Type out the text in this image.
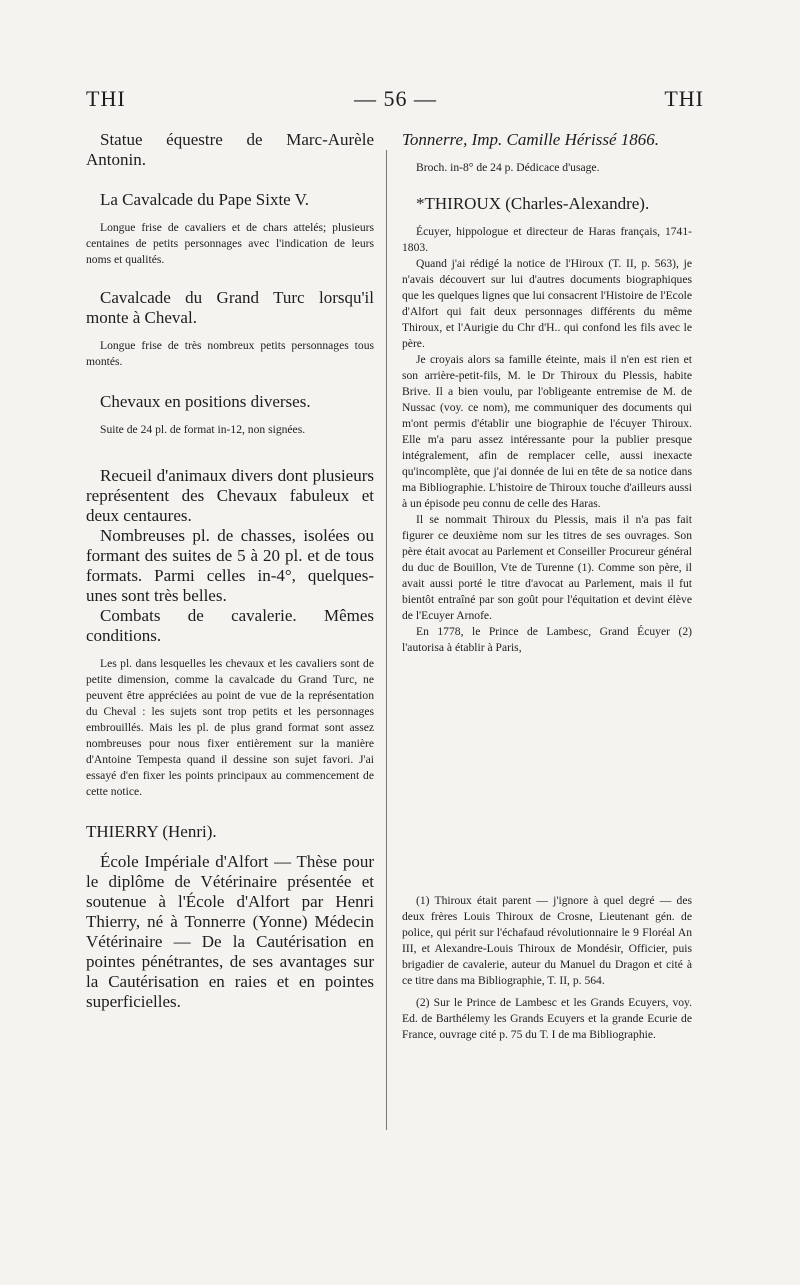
THI	— 56 —	THI

Statue équestre de Marc-Aurèle Antonin.

La Cavalcade du Pape Sixte V.

Longue frise de cavaliers et de chars attelés; plusieurs centaines de petits personnages avec l'indication de leurs noms et qualités.

Cavalcade du Grand Turc lorsqu'il monte à Cheval.

Longue frise de très nombreux petits personnages tous montés.

Chevaux en positions diverses.

Suite de 24 pl. de format in-12, non signées.

Recueil d'animaux divers dont plusieurs représentent des Chevaux fabuleux et deux centaures.

Nombreuses pl. de chasses, isolées ou formant des suites de 5 à 20 pl. et de tous formats. Parmi celles in-4°, quelques-unes sont très belles.

Combats de cavalerie. Mêmes conditions.

Les pl. dans lesquelles les chevaux et les cavaliers sont de petite dimension, comme la cavalcade du Grand Turc, ne peuvent être appréciées au point de vue de la représentation du Cheval : les sujets sont trop petits et les personnages embrouillés. Mais les pl. de plus grand format sont assez nombreuses pour nous fixer entièrement sur la manière d'Antoine Tempesta quand il dessine son sujet favori. J'ai essayé d'en fixer les points principaux au commencement de cette notice.

THIERRY (Henri).

École Impériale d'Alfort — Thèse pour le diplôme de Vétérinaire présentée et soutenue à l'École d'Alfort par Henri Thierry, né à Tonnerre (Yonne) Médecin Vétérinaire — De la Cautérisation en pointes pénétrantes, de ses avantages sur la Cautérisation en raies et en pointes superficielles.

Tonnerre, Imp. Camille Hérissé 1866.

Broch. in-8° de 24 p. Dédicace d'usage.

*THIROUX (Charles-Alexandre).

Écuyer, hippologue et directeur de Haras français, 1741-1803.

Quand j'ai rédigé la notice de l'Hiroux (T. II, p. 563), je n'avais découvert sur lui d'autres documents biographiques que les quelques lignes que lui consacrent l'Histoire de l'Ecole d'Alfort qui fait deux personnages différents du même Thiroux, et l'Aurigie du Chr d'H.. qui confond les fils avec le père.

Je croyais alors sa famille éteinte, mais il n'en est rien et son arrière-petit-fils, M. le Dr Thiroux du Plessis, habite Brive. Il a bien voulu, par l'obligeante entremise de M. de Nussac (voy. ce nom), me communiquer des documents qui m'ont permis d'établir une biographie de l'écuyer Thiroux. Elle m'a paru assez intéressante pour la publier presque intégralement, afin de remplacer celle, aussi inexacte qu'incomplète, que j'ai donnée de lui en tête de sa notice dans ma Bibliographie. L'histoire de Thiroux touche d'ailleurs aussi à un épisode peu connu de celle des Haras.

Il se nommait Thiroux du Plessis, mais il n'a pas fait figurer ce deuxième nom sur les titres de ses ouvrages. Son père était avocat au Parlement et Conseiller Procureur général du duc de Bouillon, Vte de Turenne (1). Comme son père, il avait aussi porté le titre d'avocat au Parlement, mais il fut bientôt entraîné par son goût pour l'équitation et devint élève de l'Ecuyer Arnofe.

En 1778, le Prince de Lambesc, Grand Écuyer (2) l'autorisa à établir à Paris,

(1) Thiroux était parent — j'ignore à quel degré — des deux frères Louis Thiroux de Crosne, Lieutenant gén. de police, qui périt sur l'échafaud révolutionnaire le 9 Floréal An III, et Alexandre-Louis Thiroux de Mondésir, Officier, puis brigadier de cavalerie, auteur du Manuel du Dragon et cité à ce titre dans ma Bibliographie, T. II, p. 564.

(2) Sur le Prince de Lambesc et les Grands Ecuyers, voy. Ed. de Barthélemy les Grands Ecuyers et la grande Ecurie de France, ouvrage cité p. 75 du T. I de ma Bibliographie.
